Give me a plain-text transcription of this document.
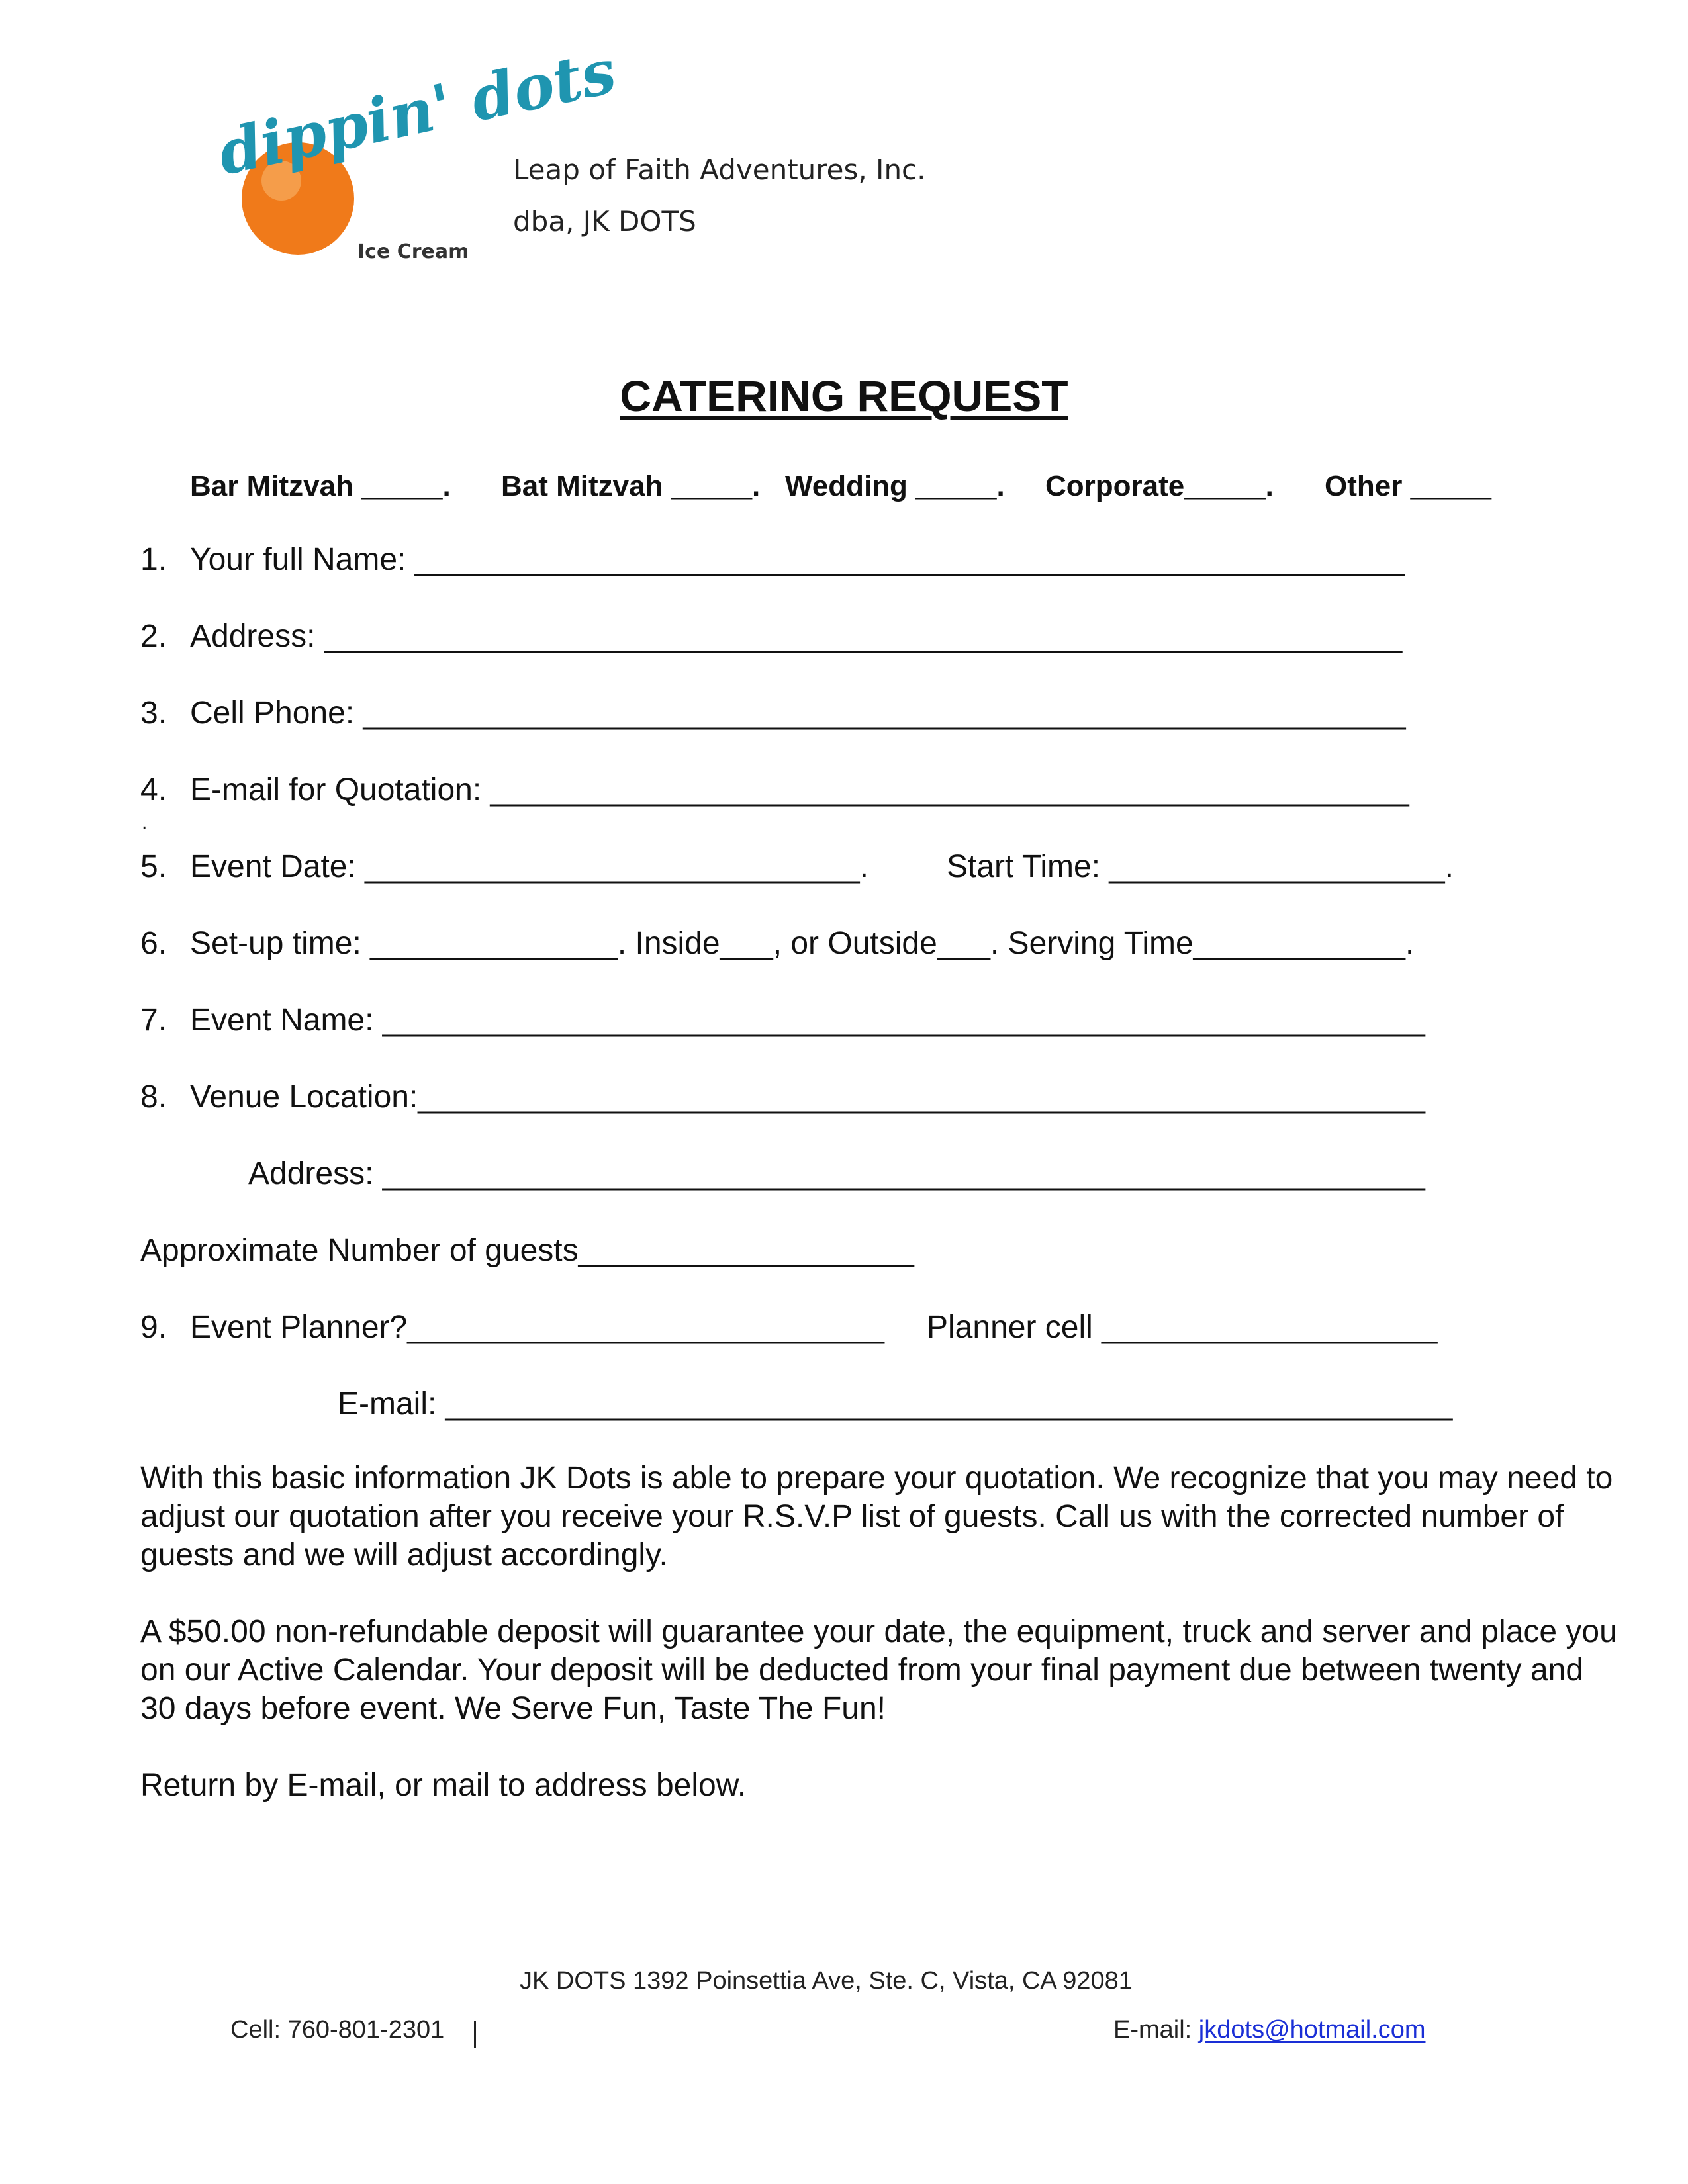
dippin' dots
Ice Cream
Leap of Faith Adventures, Inc.
dba, JK DOTS
CATERING REQUEST
Bar Mitzvah _____. Bat Mitzvah _____. Wedding _____. Corporate_____. Other _____
1. Your full Name: ________________________________________________________
2. Address: _____________________________________________________________
3. Cell Phone: ___________________________________________________________
4. E-mail for Quotation: ____________________________________________________
.
5. Event Date: ____________________________. Start Time: ___________________.
6. Set-up time: ______________. Inside___, or Outside___. Serving Time____________.
7. Event Name: ___________________________________________________________
8. Venue Location:_________________________________________________________
Address: ___________________________________________________________
Approximate Number of guests___________________
9. Event Planner?___________________________ Planner cell ___________________
E-mail: _________________________________________________________
With this basic information JK Dots is able to prepare your quotation. We recognize that you may need to adjust our quotation after you receive your R.S.V.P list of guests. Call us with the corrected number of guests and we will adjust accordingly.
A $50.00 non-refundable deposit will guarantee your date, the equipment, truck and server and place you on our Active Calendar. Your deposit will be deducted from your final payment due between twenty and 30 days before event. We Serve Fun, Taste The Fun!
Return by E-mail, or mail to address below.
JK DOTS 1392 Poinsettia Ave, Ste. C, Vista, CA 92081
Cell: 760-801-2301	E-mail: jkdots@hotmail.com
